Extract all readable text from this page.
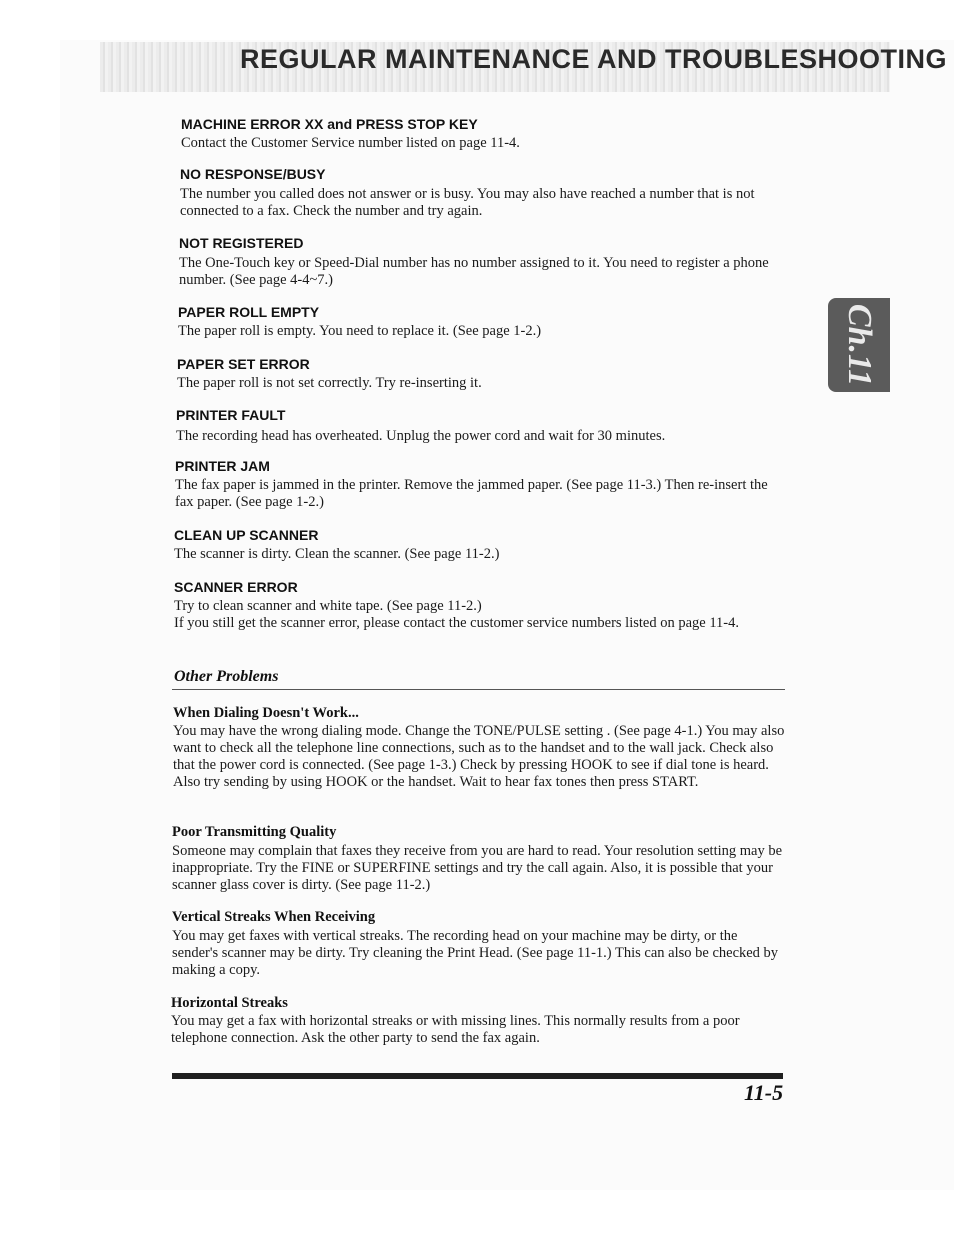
REGULAR MAINTENANCE AND TROUBLESHOOTING
Ch.11
MACHINE ERROR XX and PRESS STOP KEY

Contact the Customer Service number listed on page 11-4.

NO RESPONSE/BUSY

The number you called does not answer or is busy. You may also have reached a number that is not connected to a fax. Check the number and try again.

NOT REGISTERED

The One-Touch key or Speed-Dial number has no number assigned to it. You need to register a phone number. (See page 4-4~7.)

PAPER ROLL EMPTY

The paper roll is empty. You need to replace it. (See page 1-2.)

PAPER SET ERROR

The paper roll is not set correctly. Try re-inserting it.

PRINTER FAULT

The recording head has overheated. Unplug the power cord and wait for 30 minutes.

PRINTER JAM

The fax paper is jammed in the printer. Remove the jammed paper. (See page 11-3.) Then re-insert the fax paper. (See page 1-2.)

CLEAN UP SCANNER

The scanner is dirty. Clean the scanner. (See page 11-2.)

SCANNER ERROR

Try to clean scanner and white tape. (See page 11-2.)

If you still get the scanner error, please contact the customer service numbers listed on page 11-4.

Other Problems
When Dialing Doesn't Work...

You may have the wrong dialing mode. Change the TONE/PULSE setting . (See page 4-1.) You may also want to check all the telephone line connections, such as to the handset and to the wall jack. Check also that the power cord is connected. (See page 1-3.) Check by pressing HOOK to see if dial tone is heard. Also try sending by using HOOK or the handset. Wait to hear fax tones then press START.

Poor Transmitting Quality

Someone may complain that faxes they receive from you are hard to read. Your resolution setting may be inappropriate. Try the FINE or SUPERFINE settings and try the call again. Also, it is possible that your scanner glass cover is dirty. (See page 11-2.)

Vertical Streaks When Receiving

You may get faxes with vertical streaks. The recording head on your machine may be dirty, or the sender's scanner may be dirty. Try cleaning the Print Head. (See page 11-1.) This can also be checked by making a copy.

Horizontal Streaks

You may get a fax with horizontal streaks or with missing lines. This normally results from a poor telephone connection. Ask the other party to send the fax again.

11-5
